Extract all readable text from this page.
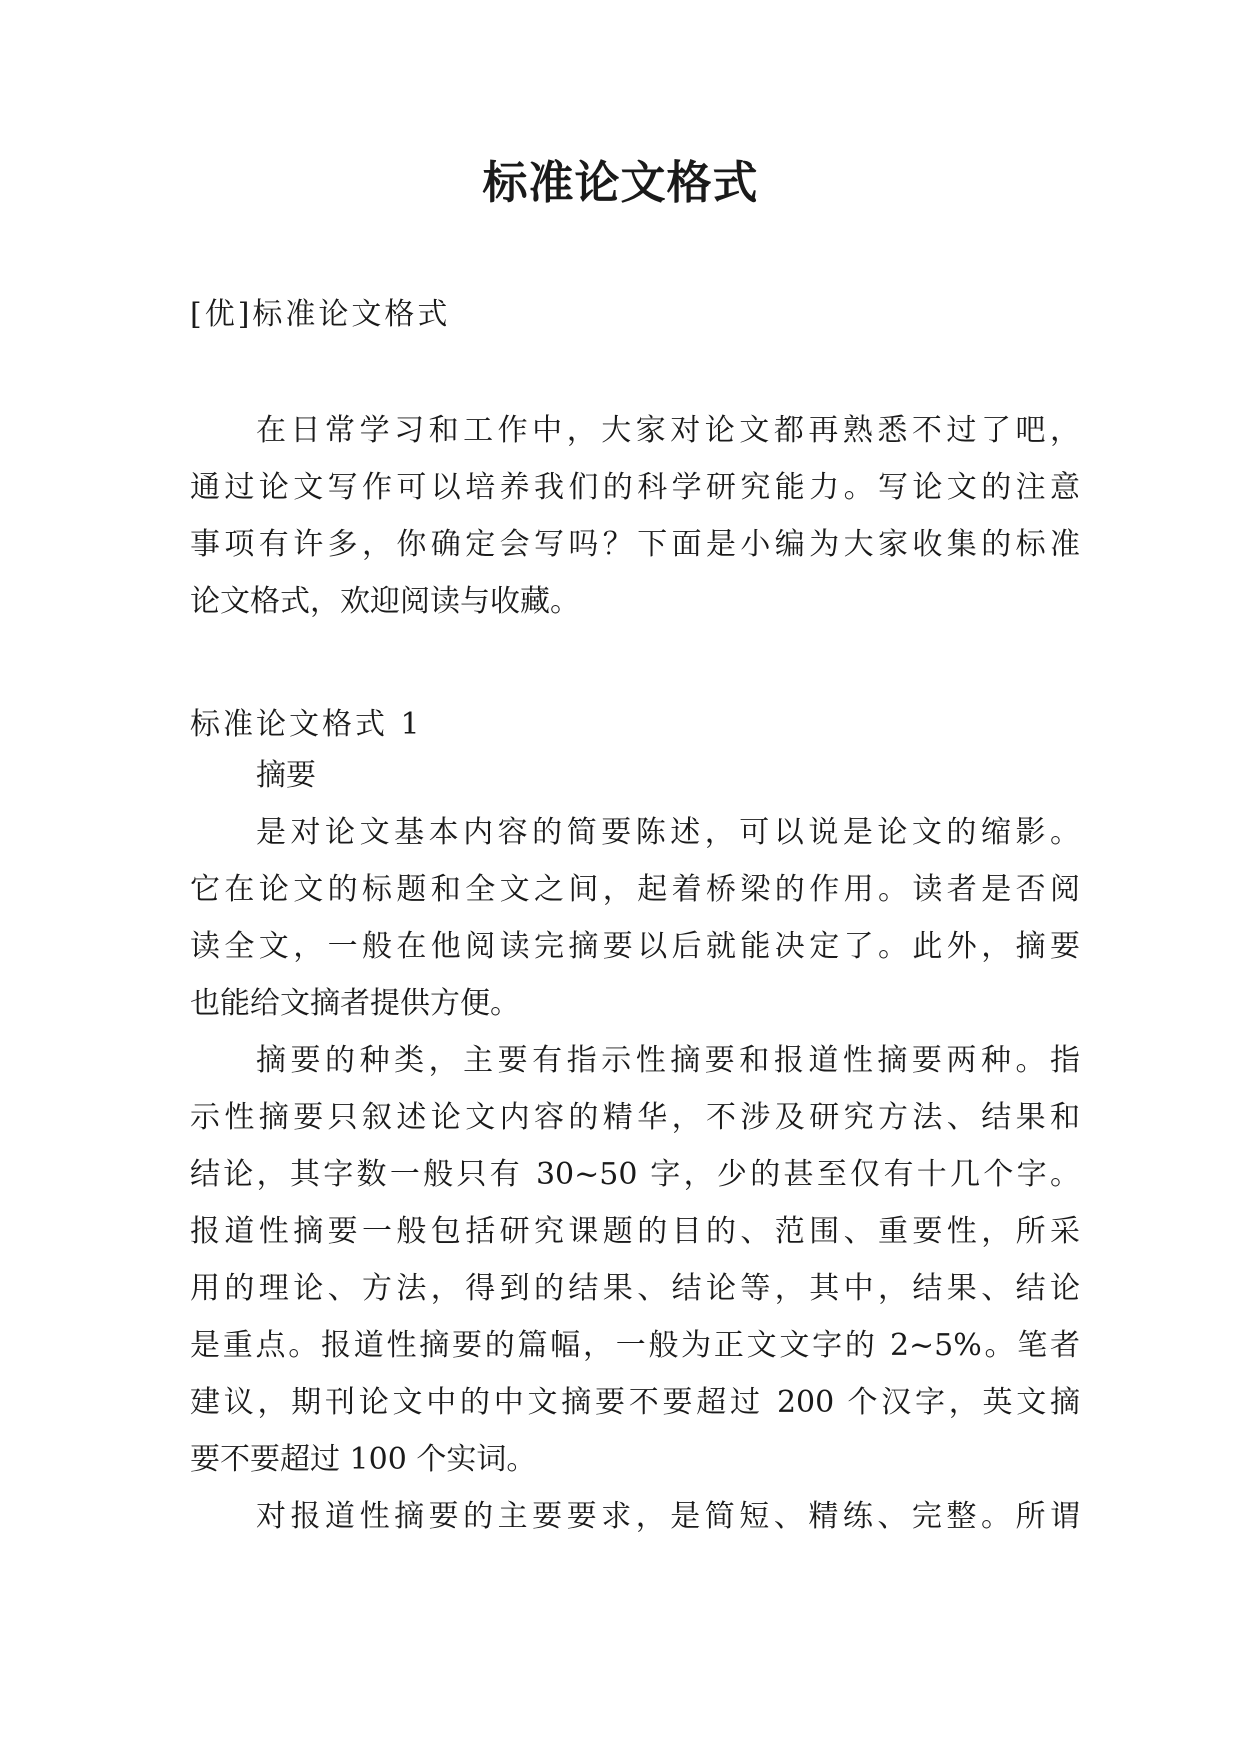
标准论文格式

[优]标准论文格式

在日常学习和工作中，大家对论文都再熟悉不过了吧，
通过论文写作可以培养我们的科学研究能力。写论文的注意
事项有许多，你确定会写吗？下面是小编为大家收集的标准
论文格式，欢迎阅读与收藏。

标准论文格式 1

摘要
是对论文基本内容的简要陈述，可以说是论文的缩影。
它在论文的标题和全文之间，起着桥梁的作用。读者是否阅
读全文，一般在他阅读完摘要以后就能决定了。此外，摘要
也能给文摘者提供方便。
摘要的种类，主要有指示性摘要和报道性摘要两种。指
示性摘要只叙述论文内容的精华，不涉及研究方法、结果和
结论，其字数一般只有 30~50 字，少的甚至仅有十几个字。
报道性摘要一般包括研究课题的目的、范围、重要性，所采
用的理论、方法，得到的结果、结论等，其中，结果、结论
是重点。报道性摘要的篇幅，一般为正文文字的 2~5%。笔者
建议，期刊论文中的中文摘要不要超过 200 个汉字，英文摘
要不要超过 100 个实词。
对报道性摘要的主要要求，是简短、精练、完整。所谓
